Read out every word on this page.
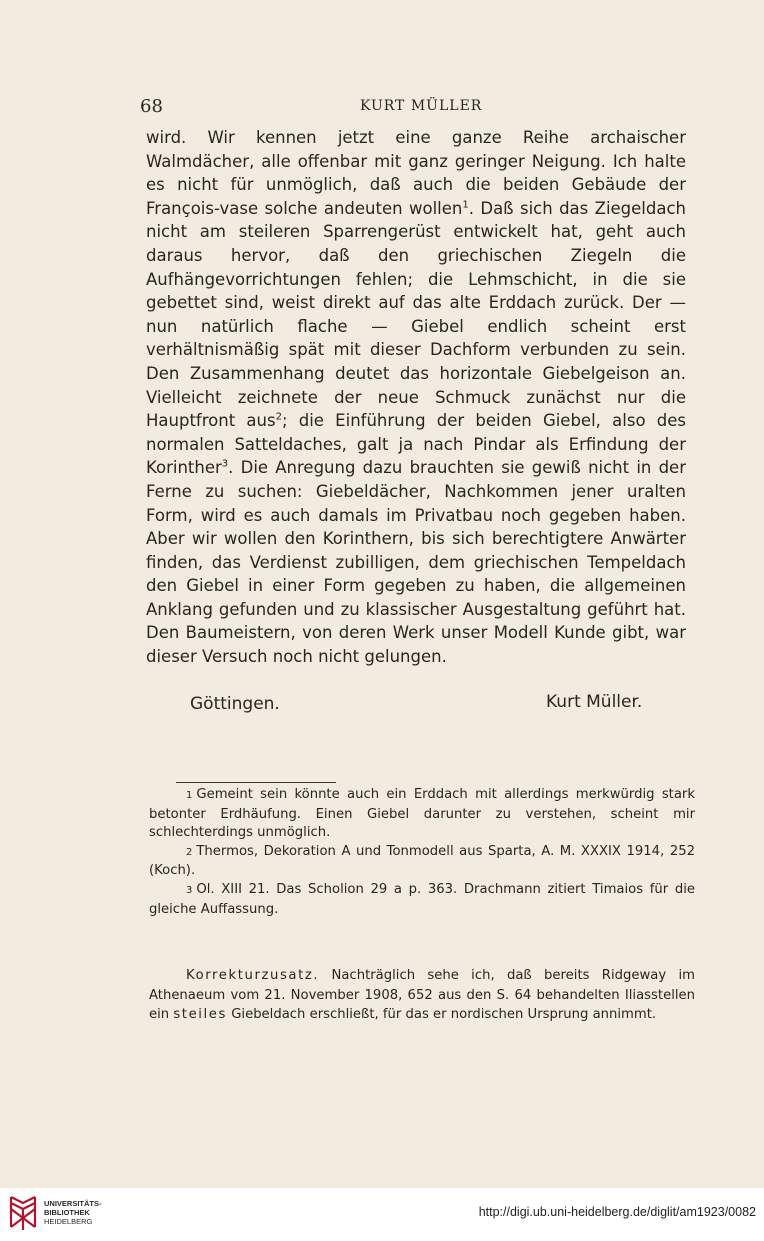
68	KURT MÜLLER

wird. Wir kennen jetzt eine ganze Reihe archaischer Walmdächer, alle offenbar mit ganz geringer Neigung. Ich halte es nicht für unmöglich, daß auch die beiden Gebäude der François-vase solche andeuten wollen$^1$. Daß sich das Ziegeldach nicht am steileren Sparrengerüst entwickelt hat, geht auch daraus hervor, daß den griechischen Ziegeln die Aufhängevorrichtungen fehlen; die Lehmschicht, in die sie gebettet sind, weist direkt auf das alte Erddach zurück. Der — nun natürlich flache — Giebel endlich scheint erst verhältnismäßig spät mit dieser Dachform verbunden zu sein. Den Zusammenhang deutet das horizontale Giebelgeison an. Vielleicht zeichnete der neue Schmuck zunächst nur die Hauptfront aus$^2$; die Einführung der beiden Giebel, also des normalen Satteldaches, galt ja nach Pindar als Erfindung der Korinther$^3$. Die Anregung dazu brauchten sie gewiß nicht in der Ferne zu suchen: Giebeldächer, Nachkommen jener uralten Form, wird es auch damals im Privatbau noch gegeben haben. Aber wir wollen den Korinthern, bis sich berechtigtere Anwärter finden, das Verdienst zubilligen, dem griechischen Tempeldach den Giebel in einer Form gegeben zu haben, die allgemeinen Anklang gefunden und zu klassischer Ausgestaltung geführt hat. Den Baumeistern, von deren Werk unser Modell Kunde gibt, war dieser Versuch noch nicht gelungen.

Göttingen.	Kurt Müller.

1 Gemeint sein könnte auch ein Erddach mit allerdings merkwürdig stark betonter Erdhäufung. Einen Giebel darunter zu verstehen, scheint mir schlechterdings unmöglich.

2 Thermos, Dekoration A und Tonmodell aus Sparta, A. M. XXXIX 1914, 252 (Koch).

3 Ol. XIII 21. Das Scholion 29 a p. 363. Drachmann zitiert Timaios für die gleiche Auffassung.

Korrekturzusatz. Nachträglich sehe ich, daß bereits Ridgeway im Athenaeum vom 21. November 1908, 652 aus den S. 64 behandelten Iliasstellen ein steiles Giebeldach erschließt, für das er nordischen Ursprung annimmt.

UNIVERSITÄTS-
BIBLIOTHEK
HEIDELBERG
http://digi.ub.uni-heidelberg.de/diglit/am1923/0082
